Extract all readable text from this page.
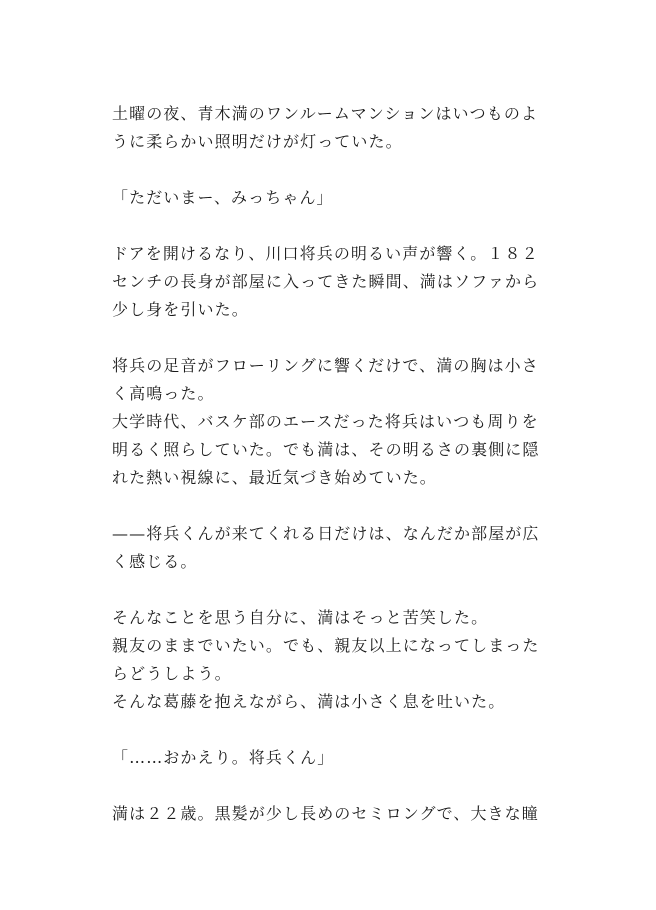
土曜の夜、青木満のワンルームマンションはいつものよ
うに柔らかい照明だけが灯っていた。
「ただいまー、みっちゃん」
ドアを開けるなり、川口将兵の明るい声が響く。１８２
センチの長身が部屋に入ってきた瞬間、満はソファから
少し身を引いた。
将兵の足音がフローリングに響くだけで、満の胸は小さ
く高鳴った。
大学時代、バスケ部のエースだった将兵はいつも周りを
明るく照らしていた。でも満は、その明るさの裏側に隠
れた熱い視線に、最近気づき始めていた。
——将兵くんが来てくれる日だけは、なんだか部屋が広
く感じる。
そんなことを思う自分に、満はそっと苦笑した。
親友のままでいたい。でも、親友以上になってしまった
らどうしよう。
そんな葛藤を抱えながら、満は小さく息を吐いた。
「……おかえり。将兵くん」
満は２２歳。黒髪が少し長めのセミロングで、大きな瞳
